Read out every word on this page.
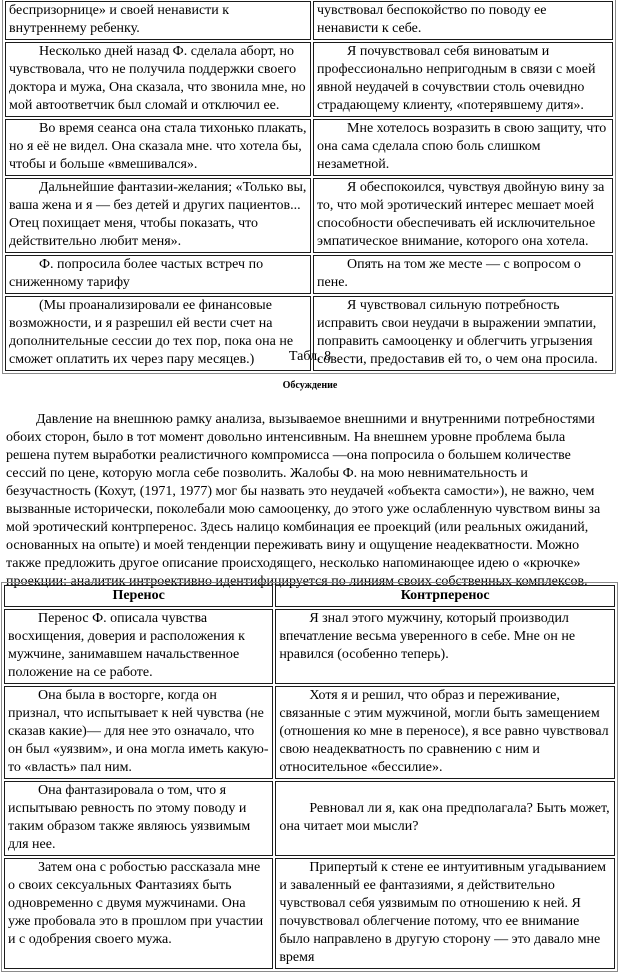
беспризорнице» и своей ненависти к внутреннему ребенку.	чувствовал беспокойство по поводу ее ненависти к себе.
Несколько дней назад Ф. сделала аборт, но чувствовала, что не получила поддержки своего доктора и мужа, Она сказала, что звонила мне, но мой автоответчик был сломай и отключил ее.	Я почувствовал себя виноватым и профессионально непригодным в связи с моей явной неудачей в сочувствии столь очевидно страдающему клиенту, «потерявшему дитя».
Во время сеанса она стала тихонько плакать, но я её не видел. Она сказала мне. что хотела бы, чтобы и больше «вмешивался».	Мне хотелось возразить в свою защиту, что она сама сделала спою боль слишком незаметной.
Дальнейшие фантазии-желания; «Только вы, ваша жена и я — без детей и других пациентов... Отец похищает меня, чтобы показать, что действительно любит меня».	Я обеспокоился, чувствуя двойную вину за то, что мой эротический интерес мешает моей способности обеспечивать ей исключительное эмпатическое внимание, которого она хотела.
Ф. попросила более частых встреч по сниженному тарифу	Опять на том же месте — с вопросом о пене.
(Мы проанализировали ее финансовые возможности, и я разрешил ей вести счет на дополнительные сессии до тех пор, пока она не сможет оплатить их через пару месяцев.)	Я чувствовал сильную потребность исправить свои неудачи в выражении эмпатии, поправить самооценку и облегчить угрызения совести, предоставив ей то, о чем она просила.
Табл. 8
Обсуждение
Давление на внешнюю рамку анализа, вызываемое внешними и внутренними потребностями обоих сторон, было в тот момент довольно интенсивным. На внешнем уровне проблема была решена путем выработки реалистичного компромисса —она попросила о большем количестве сессий по цене, которую могла себе позволить. Жалобы Ф. на мою невнимательность и безучастность (Кохут, (1971, 1977) мог бы назвать это неудачей «объекта самости»), не важно, чем вызванные исторически, поколебали мою самооценку, до этого уже ослабленную чувством вины за мой эротический контрперенос. Здесь налицо комбинация ее проекций (или реальных ожиданий, основанных на опыте) и моей тенденции переживать вину и ощущение неадекватности. Можно также предложить другое описание происходящего, несколько напоминающее идею о «крючке» проекции: аналитик интроективно идентифицируется по линиям своих собственных комплексов.
Перенос	Контрперенос
Перенос Ф. описала чувства восхищения, доверия и расположения к мужчине, занимавшем начальственное положение на се работе.	Я знал этого мужчину, который производил впечатление весьма уверенного в себе. Мне он не нравился (особенно теперь).
Она была в восторге, когда он признал, что испытывает к ней чувства (не сказав какие)— для нее это означало, что он был «уязвим», и она могла иметь какую-то «власть» пал ним.	Хотя я и решил, что образ и переживание, связанные с этим мужчиной, могли быть замещением (отношения ко мне в переносе), я все равно чувствовал свою неадекватность по сравнению с ним и относительное «бессилие».
Она фантазировала о том, что я испытываю ревность по этому поводу и таким образом также являюсь уязвимым для нее.	Ревновал ли я, как она предполагала? Быть может, она читает мои мысли?
Затем она с робостью рассказала мне о своих сексуальных Фантазиях быть одновременно с двумя мужчинами. Она уже пробовала это в прошлом при участии и с одобрения своего мужа.	Припертый к стене ее интуитивным угадыванием и заваленный ее фантазиями, я действительно чувствовал себя уязвимым по отношению к ней. Я почувствовал облегчение потому, что ее внимание было направлено в другую сторону — это давало мне время
